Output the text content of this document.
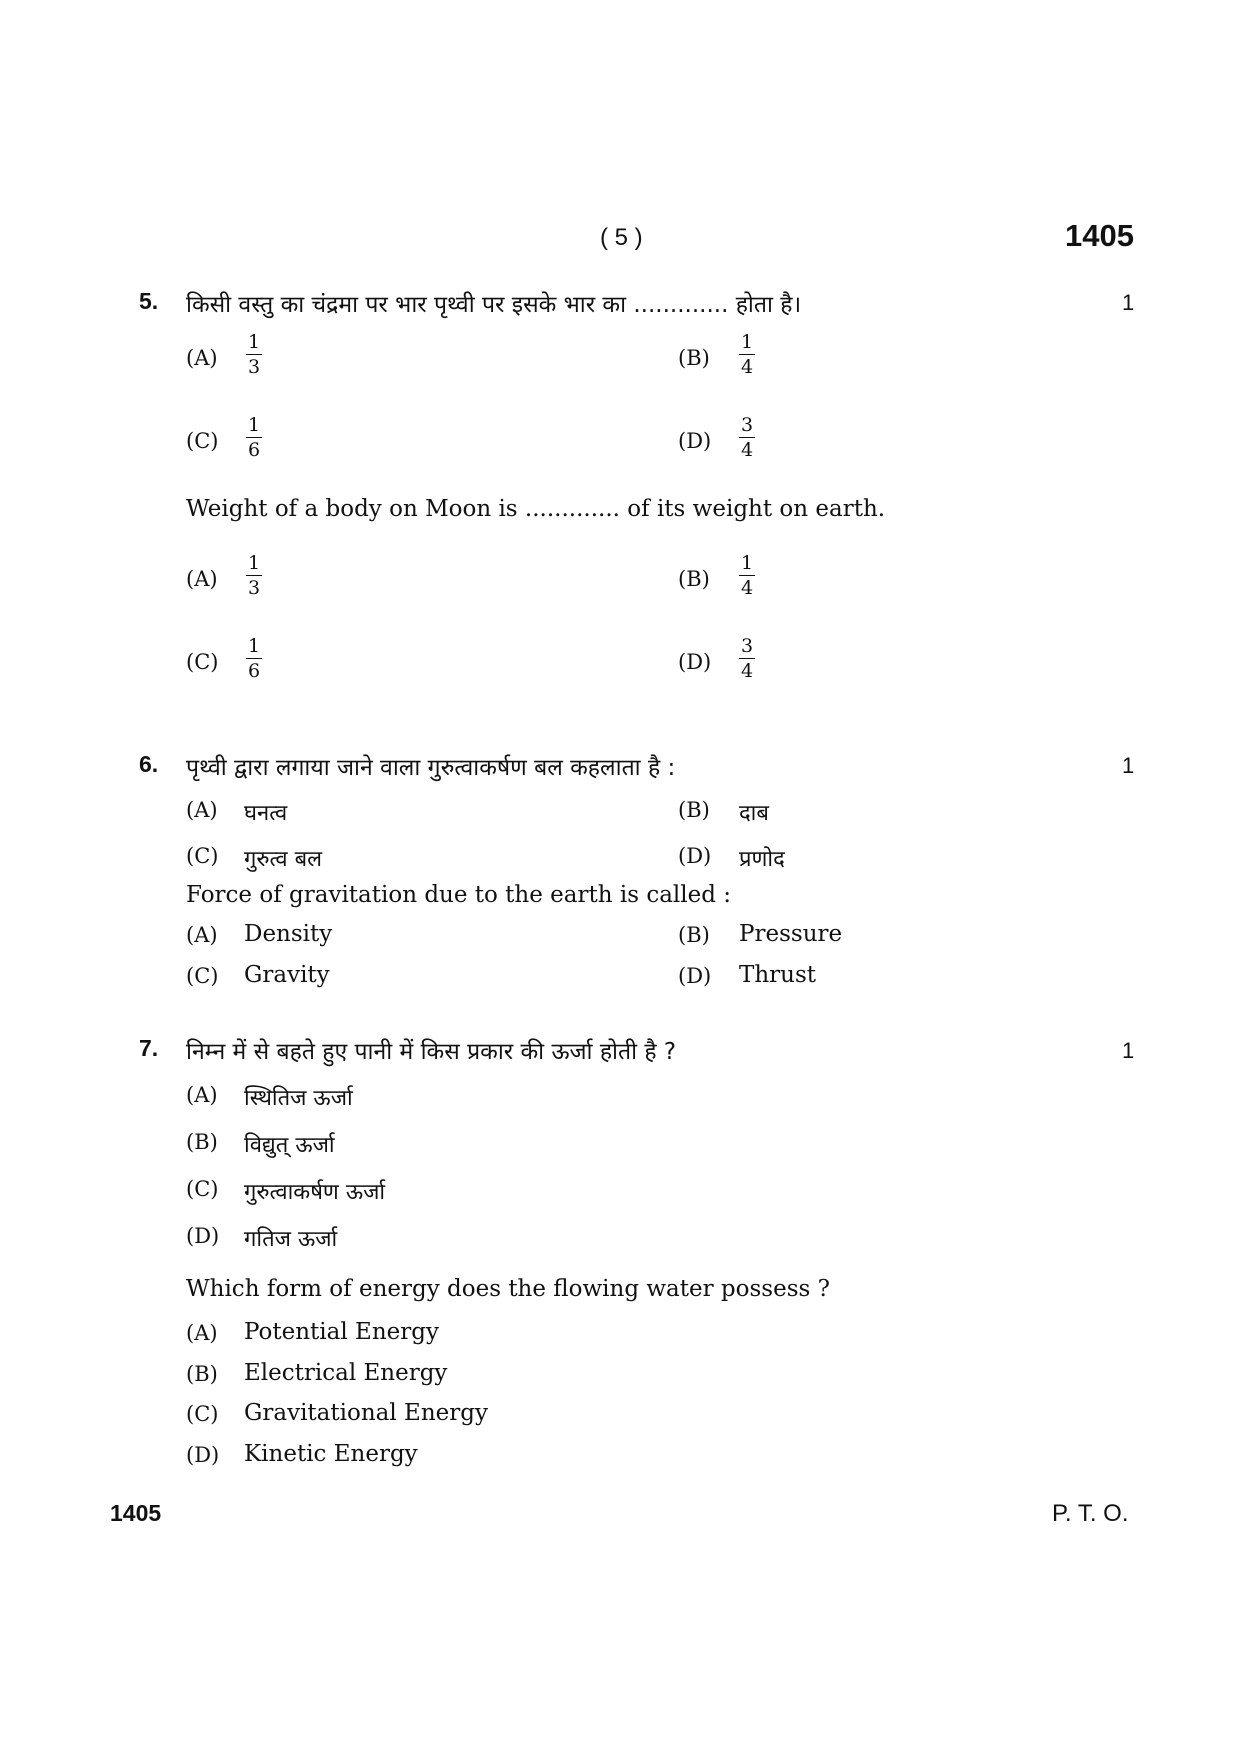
( 5 )	1405
5. किसी वस्तु का चंद्रमा पर भार पृथ्वी पर इसके भार का ............. होता है।	1
$(A) \frac{1}{3}$	$(B) \frac{1}{4}$
$(C) \frac{1}{6}$	$(D) \frac{3}{4}$
Weight of a body on Moon is ............. of its weight on earth.
$(A) \frac{1}{3}$	$(B) \frac{1}{4}$
$(C) \frac{1}{6}$	$(D) \frac{3}{4}$
6. पृथ्वी द्वारा लगाया जाने वाला गुरुत्वाकर्षण बल कहलाता है :	1
(A) घनत्व	(B) दाब
(C) गुरुत्व बल	(D) प्रणोद
Force of gravitation due to the earth is called :
(A) Density	(B) Pressure
(C) Gravity	(D) Thrust
7. निम्न में से बहते हुए पानी में किस प्रकार की ऊर्जा होती है ?	1
(A) स्थितिज ऊर्जा
(B) विद्युत् ऊर्जा
(C) गुरुत्वाकर्षण ऊर्जा
(D) गतिज ऊर्जा
Which form of energy does the flowing water possess ?
(A) Potential Energy
(B) Electrical Energy
(C) Gravitational Energy
(D) Kinetic Energy
1405	P. T. O.
